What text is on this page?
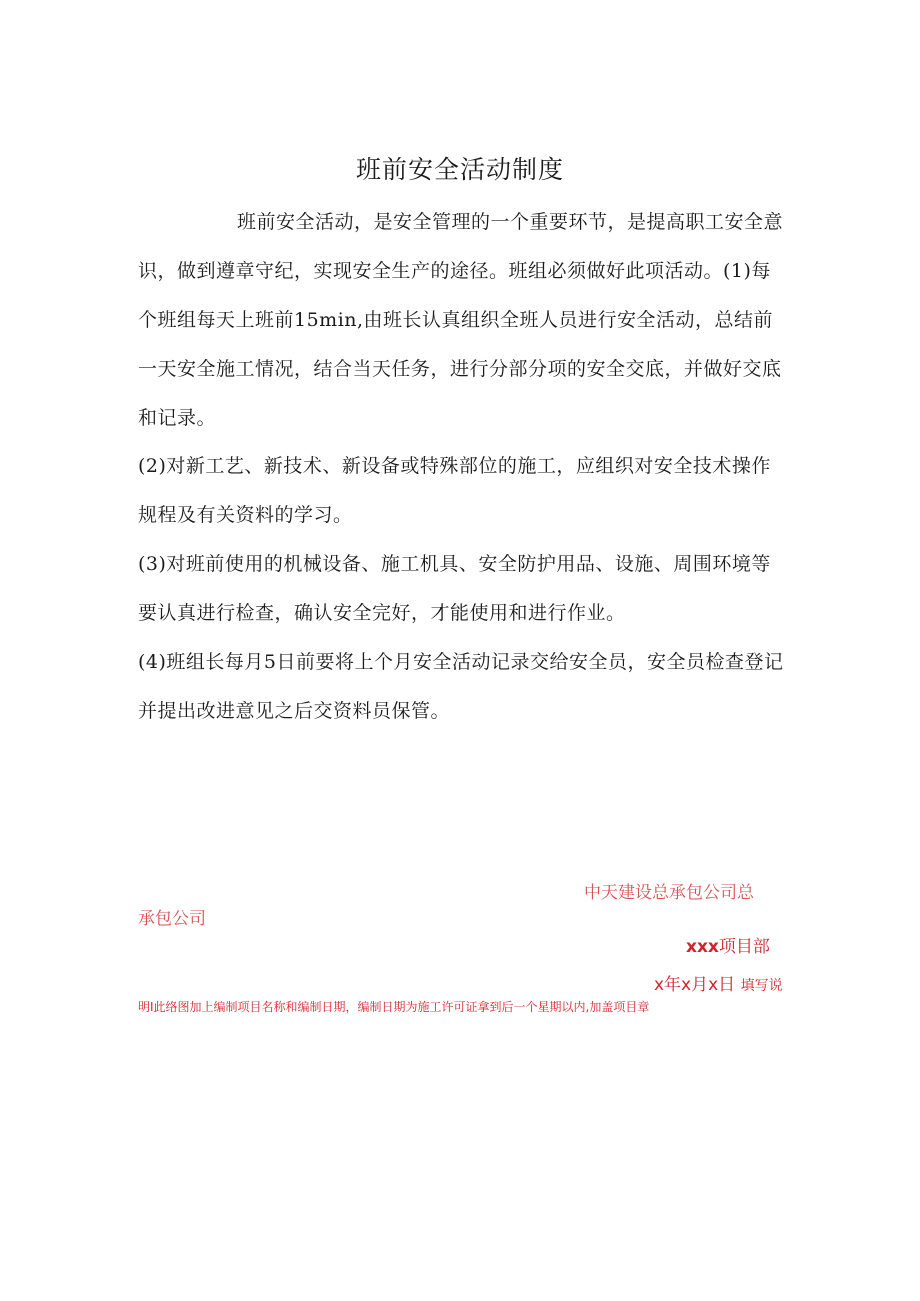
班前安全活动制度

班前安全活动，是安全管理的一个重要环节，是提高职工安全意识，做到遵章守纪，实现安全生产的途径。班组必须做好此项活动。(1)每个班组每天上班前15min,由班长认真组织全班人员进行安全活动，总结前一天安全施工情况，结合当天任务，进行分部分项的安全交底，并做好交底和记录。

(2)对新工艺、新技术、新设备或特殊部位的施工，应组织对安全技术操作规程及有关资料的学习。

(3)对班前使用的机械设备、施工机具、安全防护用品、设施、周围环境等要认真进行检查，确认安全完好，才能使用和进行作业。

(4)班组长每月5日前要将上个月安全活动记录交给安全员，安全员检查登记并提出改进意见之后交资料员保管。

中天建设总承包公司总
承包公司
xxx项目部
x年x月x日 填写说
明I此络图加上编制项目名称和编制日期，编制日期为施工许可证拿到后一个星期以内,加盖项目章
